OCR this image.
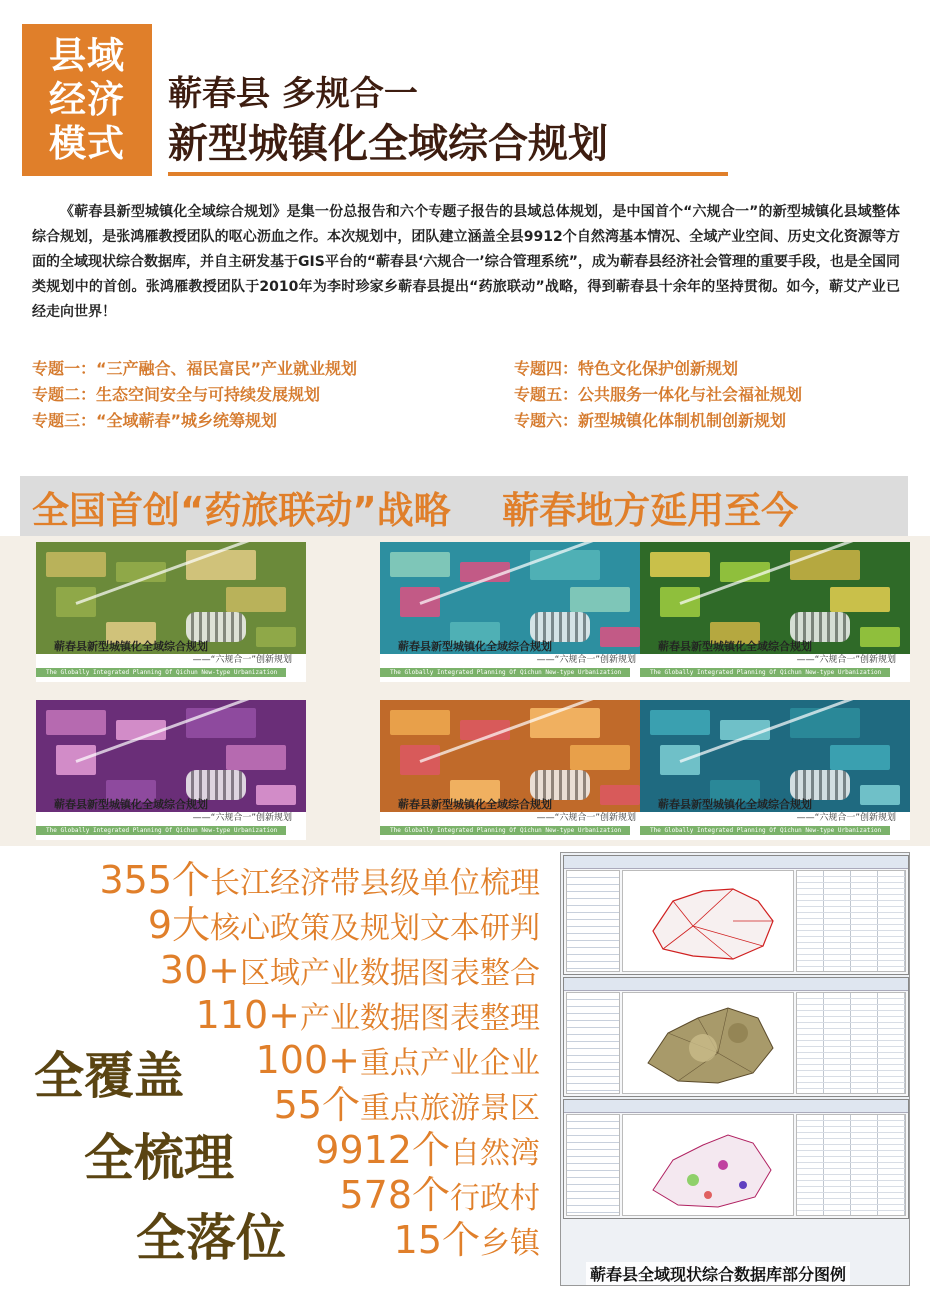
县域经济模式
蕲春县 多规合一
新型城镇化全域综合规划

《蕲春县新型城镇化全域综合规划》是集一份总报告和六个专题子报告的县域总体规划，是中国首个“六规合一”的新型城镇化县域整体综合规划，是张鸿雁教授团队的呕心沥血之作。本次规划中，团队建立涵盖全县9912个自然湾基本情况、全域产业空间、历史文化资源等方面的全域现状综合数据库，并自主研发基于GIS平台的“蕲春县‘六规合一’综合管理系统”，成为蕲春县经济社会管理的重要手段，也是全国同类规划中的首创。张鸿雁教授团队于2010年为李时珍家乡蕲春县提出“药旅联动”战略，得到蕲春县十余年的坚持贯彻。如今，蕲艾产业已经走向世界！

专题一：“三产融合、福民富民”产业就业规划
专题二：生态空间安全与可持续发展规划
专题三：“全域蕲春”城乡统筹规划
专题四：特色文化保护创新规划
专题五：公共服务一体化与社会福祉规划
专题六：新型城镇化体制机制创新规划
全国首创“药旅联动”战略    蕲春地方延用至今
蕲春县新型城镇化全域综合规划
——“六规合一”创新规划
The Globally Integrated Planning Of Qichun New-type Urbanization
蕲春县新型城镇化全域综合规划
——“六规合一”创新规划
The Globally Integrated Planning Of Qichun New-type Urbanization
蕲春县新型城镇化全域综合规划
——“六规合一”创新规划
The Globally Integrated Planning Of Qichun New-type Urbanization
蕲春县新型城镇化全域综合规划
——“六规合一”创新规划
The Globally Integrated Planning Of Qichun New-type Urbanization
蕲春县新型城镇化全域综合规划
——“六规合一”创新规划
The Globally Integrated Planning Of Qichun New-type Urbanization
蕲春县新型城镇化全域综合规划
——“六规合一”创新规划
The Globally Integrated Planning Of Qichun New-type Urbanization
355个长江经济带县级单位梳理
9大核心政策及规划文本研判
30+区域产业数据图表整合
110+产业数据图表整理
100+重点产业企业
55个重点旅游景区
9912个自然湾
578个行政村
15个乡镇
全覆盖
全梳理
全落位
蕲春县全域现状综合数据库部分图例
